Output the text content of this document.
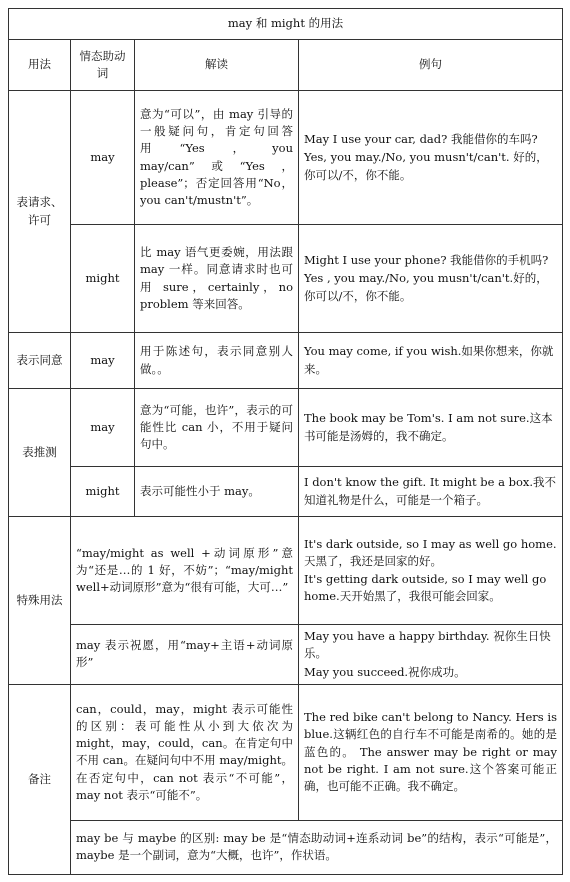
may 和 might 的用法			
用法	情态助动词	解读	例句
表请求、许可	may	意为“可以”，由 may 引导的一般疑问句，肯定句回答用“Yes，you may/can”或“Yes，please”；否定回答用“No，you can't/mustn't”。	May I use your car, dad? 我能借你的车吗?

Yes, you may./No, you musn't/can't. 好的，你可以/不，你不能。

	might	比 may 语气更委婉，用法跟 may 一样。同意请求时也可用 sure，certainly，no problem 等来回答。	Might I use your phone? 我能借你的手机吗?

Yes , you may./No, you musn't/can't.好的，你可以/不，你不能。

表示同意	may	用于陈述句，表示同意别人做。。	You may come, if you wish.如果你想来，你就来。

表推测	may	意为“可能，也许”，表示的可能性比 can 小，不用于疑问句中。	The book may be Tom's. I am not sure.这本书可能是汤姆的，我不确定。

	might	表示可能性小于 may。	I don't know the gift. It might be a box.我不知道礼物是什么，可能是一个箱子。

特殊用法	“may/might as well +动词原形”意为“还是…的 1 好，不妨”；“may/might well+动词原形”意为“很有可能，大可…”		It's dark outside, so I may as well go home. 天黑了，我还是回家的好。

It's getting dark outside, so I may well go home.天开始黑了，我很可能会回家。

	may 表示祝愿，用“may+主语+动词原形”		May you have a happy birthday. 祝你生日快乐。

May you succeed.祝你成功。

备注	can，could，may，might 表示可能性的区别：表可能性从小到大依次为 might，may，could，can。在肯定句中不用 can。在疑问句中不用 may/might。在否定句中，can not 表示“不可能”，may not 表示“可能不”。		The red bike can't belong to Nancy. Hers is blue.这辆红色的自行车不可能是南希的。她的是蓝色的。 The answer may be right or may not be right. I am not sure.这个答案可能正确，也可能不正确。我不确定。

	may be 与 maybe 的区别: may be 是“情态助动词+连系动词 be”的结构，表示“可能是”，maybe 是一个副词，意为“大概，也许”，作状语。		
